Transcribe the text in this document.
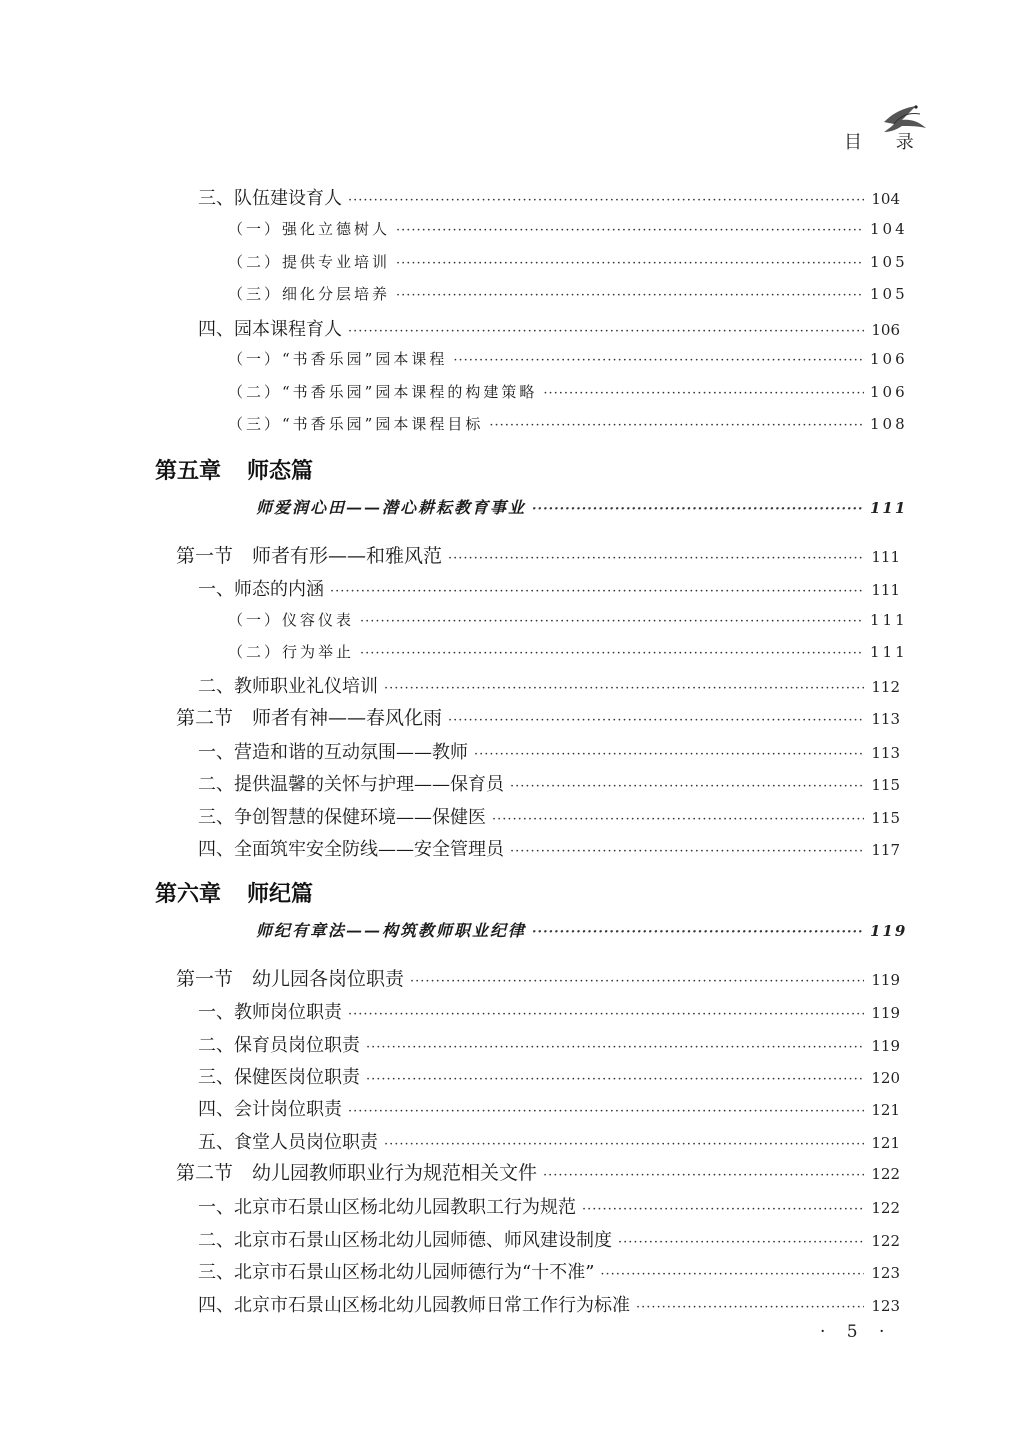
目 录
三、队伍建设育人 ·····	104
（一）强化立德树人 ·····	104
（二）提供专业培训 ·····	105
（三）细化分层培养 ·····	105
四、园本课程育人 ·····	106
（一）“书香乐园”园本课程 ·····	106
（二）“书香乐园”园本课程的构建策略 ·····	106
（三）“书香乐园”园本课程目标 ·····	108
第五章 师态篇
师爱润心田——潜心耕耘教育事业 ·····	111
第一节　师者有形——和雅风范 ·····	111
一、师态的内涵 ·····	111
（一）仪容仪表 ·····	111
（二）行为举止 ·····	111
二、教师职业礼仪培训 ·····	112
第二节　师者有神——春风化雨 ·····	113
一、营造和谐的互动氛围——教师 ·····	113
二、提供温馨的关怀与护理——保育员 ·····	115
三、争创智慧的保健环境——保健医 ·····	115
四、全面筑牢安全防线——安全管理员 ·····	117
第六章 师纪篇
师纪有章法——构筑教师职业纪律 ·····	119
第一节　幼儿园各岗位职责 ·····	119
一、教师岗位职责 ·····	119
二、保育员岗位职责 ·····	119
三、保健医岗位职责 ·····	120
四、会计岗位职责 ·····	121
五、食堂人员岗位职责 ·····	121
第二节　幼儿园教师职业行为规范相关文件 ·····	122
一、北京市石景山区杨北幼儿园教职工行为规范 ·····	122
二、北京市石景山区杨北幼儿园师德、师风建设制度 ·····	122
三、北京市石景山区杨北幼儿园师德行为“十不准” ·····	123
四、北京市石景山区杨北幼儿园教师日常工作行为标准 ·····	123
· 5 ·
